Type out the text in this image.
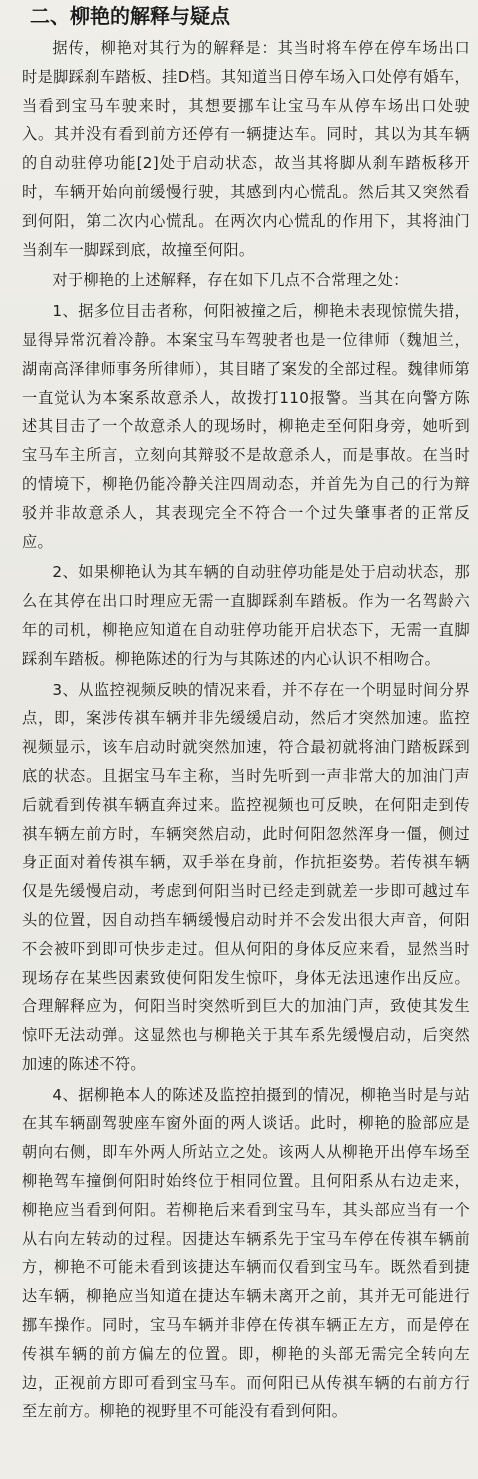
二、柳艳的解释与疑点

据传，柳艳对其行为的解释是：其当时将车停在停车场出口时是脚踩刹车踏板、挂D档。其知道当日停车场入口处停有婚车，当看到宝马车驶来时，其想要挪车让宝马车从停车场出口处驶入。其并没有看到前方还停有一辆捷达车。同时，其以为其车辆的自动驻停功能[2]处于启动状态，故当其将脚从刹车踏板移开时，车辆开始向前缓慢行驶，其感到内心慌乱。然后其又突然看到何阳，第二次内心慌乱。在两次内心慌乱的作用下，其将油门当刹车一脚踩到底，故撞至何阳。

对于柳艳的上述解释，存在如下几点不合常理之处：

1、据多位目击者称，何阳被撞之后，柳艳未表现惊慌失措，显得异常沉着冷静。本案宝马车驾驶者也是一位律师（魏旭兰，湖南高泽律师事务所律师），其目睹了案发的全部过程。魏律师第一直觉认为本案系故意杀人，故拨打110报警。当其在向警方陈述其目击了一个故意杀人的现场时，柳艳走至何阳身旁，她听到宝马车主所言，立刻向其辩驳不是故意杀人，而是事故。在当时的情境下，柳艳仍能冷静关注四周动态，并首先为自己的行为辩驳并非故意杀人，其表现完全不符合一个过失肇事者的正常反应。

2、如果柳艳认为其车辆的自动驻停功能是处于启动状态，那么在其停在出口时理应无需一直脚踩刹车踏板。作为一名驾龄六年的司机，柳艳应知道在自动驻停功能开启状态下，无需一直脚踩刹车踏板。柳艳陈述的行为与其陈述的内心认识不相吻合。

3、从监控视频反映的情况来看，并不存在一个明显时间分界点，即，案涉传祺车辆并非先缓缓启动，然后才突然加速。监控视频显示，该车启动时就突然加速，符合最初就将油门踏板踩到底的状态。且据宝马车主称，当时先听到一声非常大的加油门声后就看到传祺车辆直奔过来。监控视频也可反映，在何阳走到传祺车辆左前方时，车辆突然启动，此时何阳忽然浑身一僵，侧过身正面对着传祺车辆，双手举在身前，作抗拒姿势。若传祺车辆仅是先缓慢启动，考虑到何阳当时已经走到就差一步即可越过车头的位置，因自动挡车辆缓慢启动时并不会发出很大声音，何阳不会被吓到即可快步走过。但从何阳的身体反应来看，显然当时现场存在某些因素致使何阳发生惊吓，身体无法迅速作出反应。合理解释应为，何阳当时突然听到巨大的加油门声，致使其发生惊吓无法动弹。这显然也与柳艳关于其车系先缓慢启动，后突然加速的陈述不符。

4、据柳艳本人的陈述及监控拍摄到的情况，柳艳当时是与站在其车辆副驾驶座车窗外面的两人谈话。此时，柳艳的脸部应是朝向右侧，即车外两人所站立之处。该两人从柳艳开出停车场至柳艳驾车撞倒何阳时始终位于相同位置。且何阳系从右边走来，柳艳应当看到何阳。若柳艳后来看到宝马车，其头部应当有一个从右向左转动的过程。因捷达车辆系先于宝马车停在传祺车辆前方，柳艳不可能未看到该捷达车辆而仅看到宝马车。既然看到捷达车辆，柳艳应当知道在捷达车辆未离开之前，其并无可能进行挪车操作。同时，宝马车辆并非停在传祺车辆正左方，而是停在传祺车辆的前方偏左的位置。即，柳艳的头部无需完全转向左边，正视前方即可看到宝马车。而何阳已从传祺车辆的右前方行至左前方。柳艳的视野里不可能没有看到何阳。
